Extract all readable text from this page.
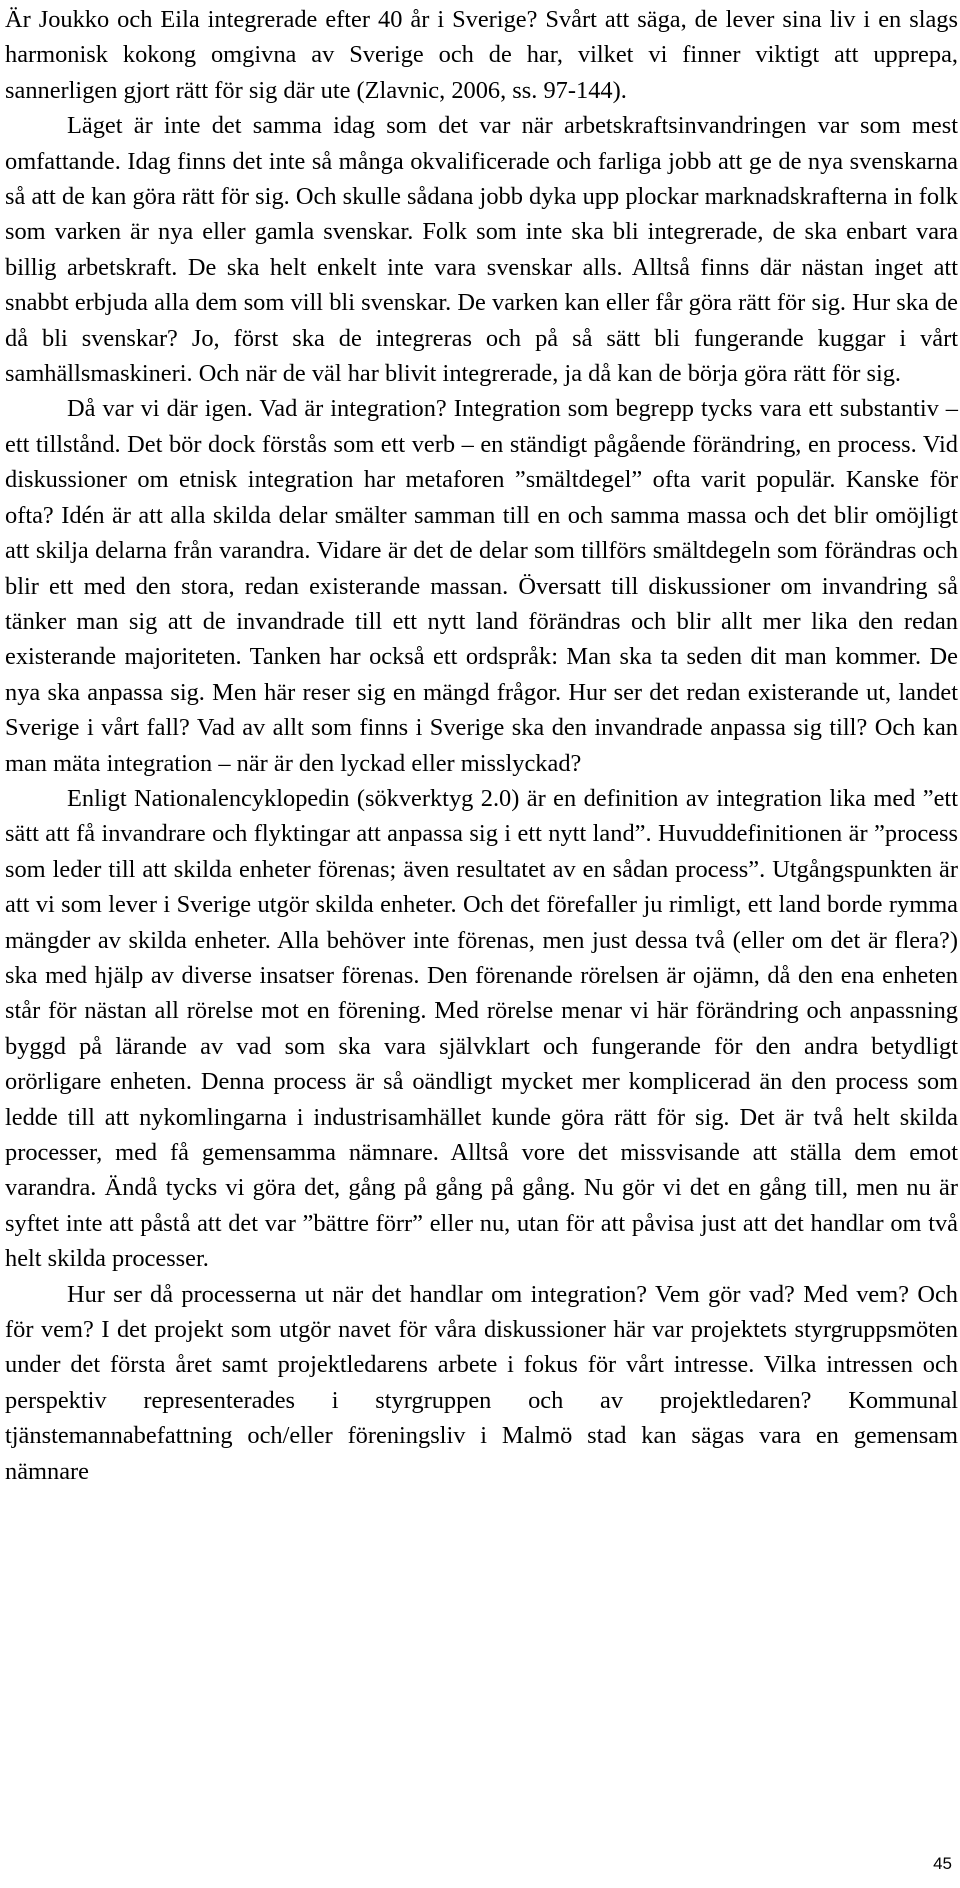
Är Joukko och Eila integrerade efter 40 år i Sverige? Svårt att säga, de lever sina liv i en slags harmonisk kokong omgivna av Sverige och de har, vilket vi finner viktigt att upprepa, sannerligen gjort rätt för sig där ute (Zlavnic, 2006, ss. 97-144).

Läget är inte det samma idag som det var när arbetskraftsinvandringen var som mest omfattande. Idag finns det inte så många okvalificerade och farliga jobb att ge de nya svenskarna så att de kan göra rätt för sig. Och skulle sådana jobb dyka upp plockar marknadskrafterna in folk som varken är nya eller gamla svenskar. Folk som inte ska bli integrerade, de ska enbart vara billig arbetskraft. De ska helt enkelt inte vara svenskar alls. Alltså finns där nästan inget att snabbt erbjuda alla dem som vill bli svenskar. De varken kan eller får göra rätt för sig. Hur ska de då bli svenskar? Jo, först ska de integreras och på så sätt bli fungerande kuggar i vårt samhällsmaskineri. Och när de väl har blivit integrerade, ja då kan de börja göra rätt för sig.

Då var vi där igen. Vad är integration? Integration som begrepp tycks vara ett substantiv – ett tillstånd. Det bör dock förstås som ett verb – en ständigt pågående förändring, en process. Vid diskussioner om etnisk integration har metaforen ”smältdegel” ofta varit populär. Kanske för ofta? Idén är att alla skilda delar smälter samman till en och samma massa och det blir omöjligt att skilja delarna från varandra. Vidare är det de delar som tillförs smältdegeln som förändras och blir ett med den stora, redan existerande massan. Översatt till diskussioner om invandring så tänker man sig att de invandrade till ett nytt land förändras och blir allt mer lika den redan existerande majoriteten. Tanken har också ett ordspråk: Man ska ta seden dit man kommer. De nya ska anpassa sig. Men här reser sig en mängd frågor. Hur ser det redan existerande ut, landet Sverige i vårt fall? Vad av allt som finns i Sverige ska den invandrade anpassa sig till? Och kan man mäta integration – när är den lyckad eller misslyckad?

Enligt Nationalencyklopedin (sökverktyg 2.0) är en definition av integration lika med ”ett sätt att få invandrare och flyktingar att anpassa sig i ett nytt land”. Huvuddefinitionen är ”process som leder till att skilda enheter förenas; även resultatet av en sådan process”. Utgångspunkten är att vi som lever i Sverige utgör skilda enheter. Och det förefaller ju rimligt, ett land borde rymma mängder av skilda enheter. Alla behöver inte förenas, men just dessa två (eller om det är flera?) ska med hjälp av diverse insatser förenas. Den förenande rörelsen är ojämn, då den ena enheten står för nästan all rörelse mot en förening. Med rörelse menar vi här förändring och anpassning byggd på lärande av vad som ska vara självklart och fungerande för den andra betydligt orörligare enheten. Denna process är så oändligt mycket mer komplicerad än den process som ledde till att nykomlingarna i industrisamhället kunde göra rätt för sig. Det är två helt skilda processer, med få gemensamma nämnare. Alltså vore det missvisande att ställa dem emot varandra. Ändå tycks vi göra det, gång på gång på gång. Nu gör vi det en gång till, men nu är syftet inte att påstå att det var ”bättre förr” eller nu, utan för att påvisa just att det handlar om två helt skilda processer.

Hur ser då processerna ut när det handlar om integration? Vem gör vad? Med vem? Och för vem? I det projekt som utgör navet för våra diskussioner här var projektets styrgruppsmöten under det första året samt projektledarens arbete i fokus för vårt intresse. Vilka intressen och perspektiv representerades i styrgruppen och av projektledaren? Kommunal tjänstemannabefattning och/eller föreningsliv i Malmö stad kan sägas vara en gemensam nämnare

45
